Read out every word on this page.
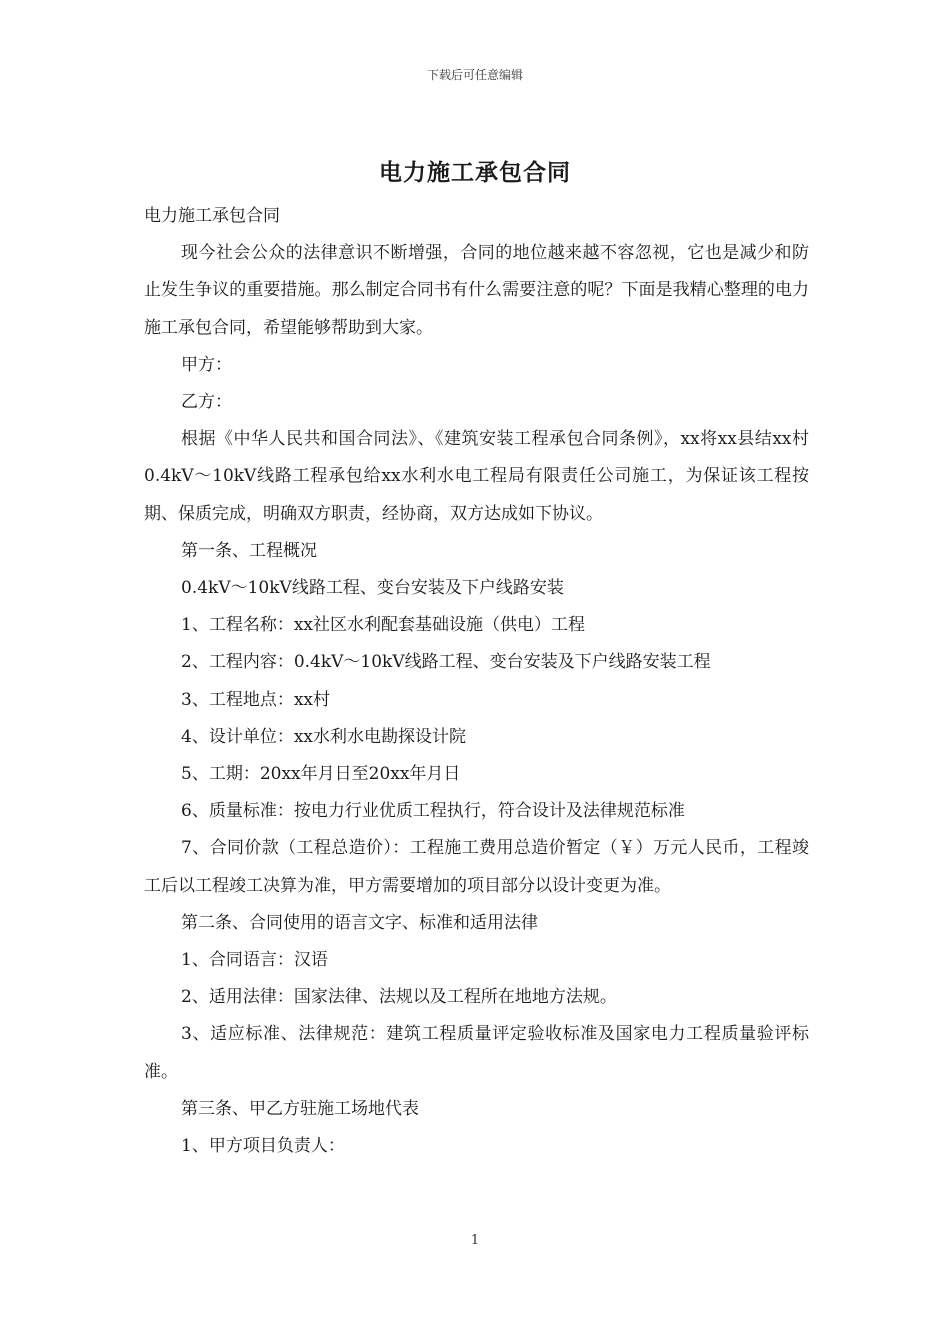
下载后可任意编辑
电力施工承包合同

电力施工承包合同

现今社会公众的法律意识不断增强，合同的地位越来越不容忽视，它也是减少和防止发生争议的重要措施。那么制定合同书有什么需要注意的呢？下面是我精心整理的电力施工承包合同，希望能够帮助到大家。

甲方：

乙方：

根据《中华人民共和国合同法》、《建筑安装工程承包合同条例》，xx将xx县结xx村0.4kV～10kV线路工程承包给xx水利水电工程局有限责任公司施工，为保证该工程按期、保质完成，明确双方职责，经协商，双方达成如下协议。

第一条、工程概况

0.4kV～10kV线路工程、变台安装及下户线路安装

1、工程名称：xx社区水利配套基础设施（供电）工程

2、工程内容：0.4kV～10kV线路工程、变台安装及下户线路安装工程

3、工程地点：xx村

4、设计单位：xx水利水电勘探设计院

5、工期：20xx年月日至20xx年月日

6、质量标准：按电力行业优质工程执行，符合设计及法律规范标准

7、合同价款（工程总造价）：工程施工费用总造价暂定（￥）万元人民币，工程竣工后以工程竣工决算为准，甲方需要增加的项目部分以设计变更为准。

第二条、合同使用的语言文字、标准和适用法律

1、合同语言：汉语

2、适用法律：国家法律、法规以及工程所在地地方法规。

3、适应标准、法律规范：建筑工程质量评定验收标准及国家电力工程质量验评标准。

第三条、甲乙方驻施工场地代表

1、甲方项目负责人：

1
